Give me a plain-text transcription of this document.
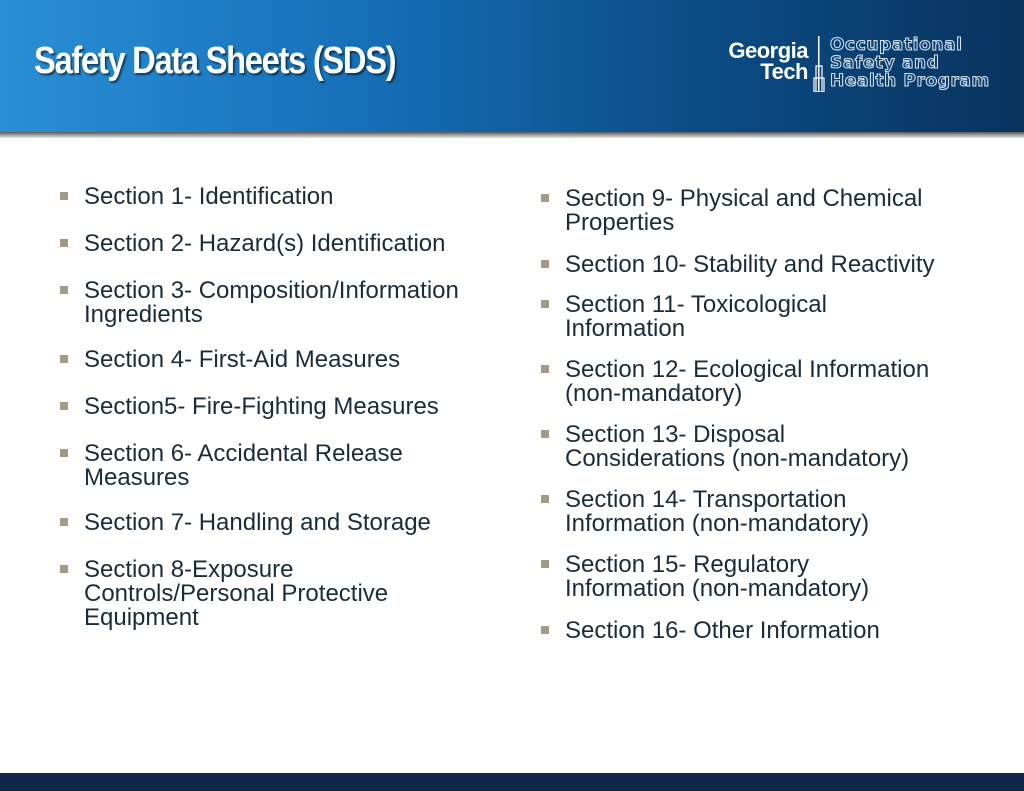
Safety Data Sheets (SDS)	Georgia
Tech
Occupational
Safety and
Health Program
Section 1- Identification
Section 2- Hazard(s) Identification
Section 3- Composition/Information
Ingredients
Section 4- First-Aid Measures
Section5- Fire-Fighting Measures
Section 6- Accidental Release
Measures
Section 7- Handling and Storage
Section 8-Exposure
Controls/Personal Protective
Equipment
Section 9- Physical and Chemical
Properties
Section 10- Stability and Reactivity
Section 11- Toxicological
Information
Section 12- Ecological Information
(non-mandatory)
Section 13- Disposal
Considerations (non-mandatory)
Section 14- Transportation
Information (non-mandatory)
Section 15- Regulatory
Information (non-mandatory)
Section 16- Other Information
